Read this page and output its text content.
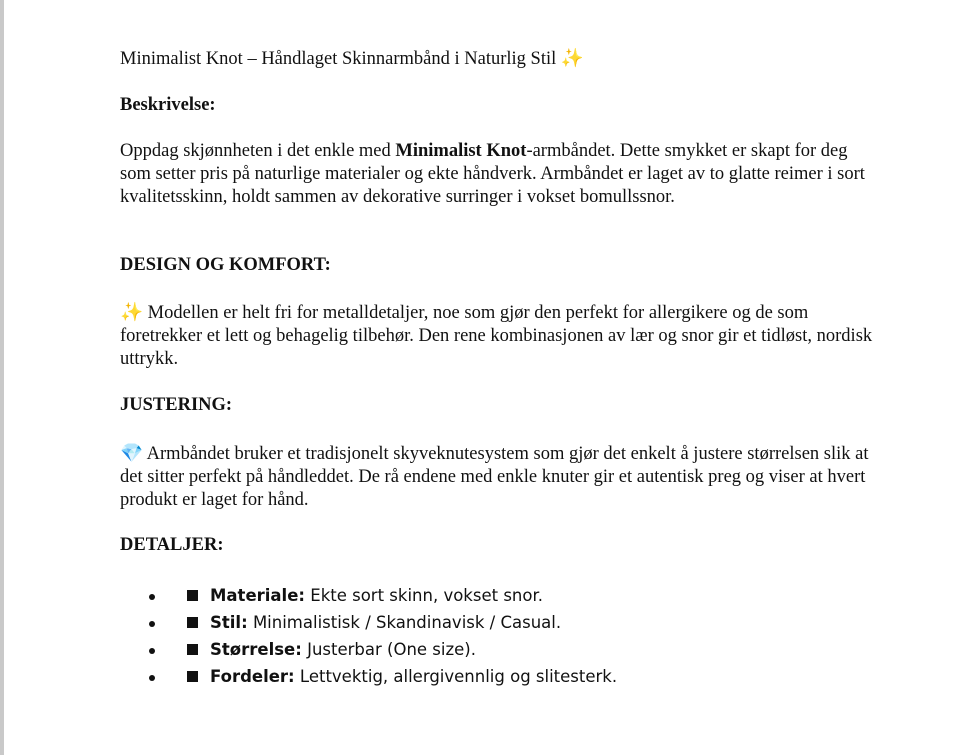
Minimalist Knot – Håndlaget Skinnarmbånd i Naturlig Stil ✨

Beskrivelse:

Oppdag skjønnheten i det enkle med Minimalist Knot-armbåndet. Dette smykket er skapt for deg som setter pris på naturlige materialer og ekte håndverk. Armbåndet er laget av to glatte reimer i sort kvalitetsskinn, holdt sammen av dekorative surringer i vokset bomullssnor.

DESIGN OG KOMFORT:

✨ Modellen er helt fri for metalldetaljer, noe som gjør den perfekt for allergikere og de som foretrekker et lett og behagelig tilbehør. Den rene kombinasjonen av lær og snor gir et tidløst, nordisk uttrykk.

JUSTERING:

💎 Armbåndet bruker et tradisjonelt skyveknutesystem som gjør det enkelt å justere størrelsen slik at det sitter perfekt på håndleddet. De rå endene med enkle knuter gir et autentisk preg og viser at hvert produkt er laget for hånd.

DETALJER:

Materiale: Ekte sort skinn, vokset snor.
Stil: Minimalistisk / Skandinavisk / Casual.
Størrelse: Justerbar (One size).
Fordeler: Lettvektig, allergivennlig og slitesterk.
